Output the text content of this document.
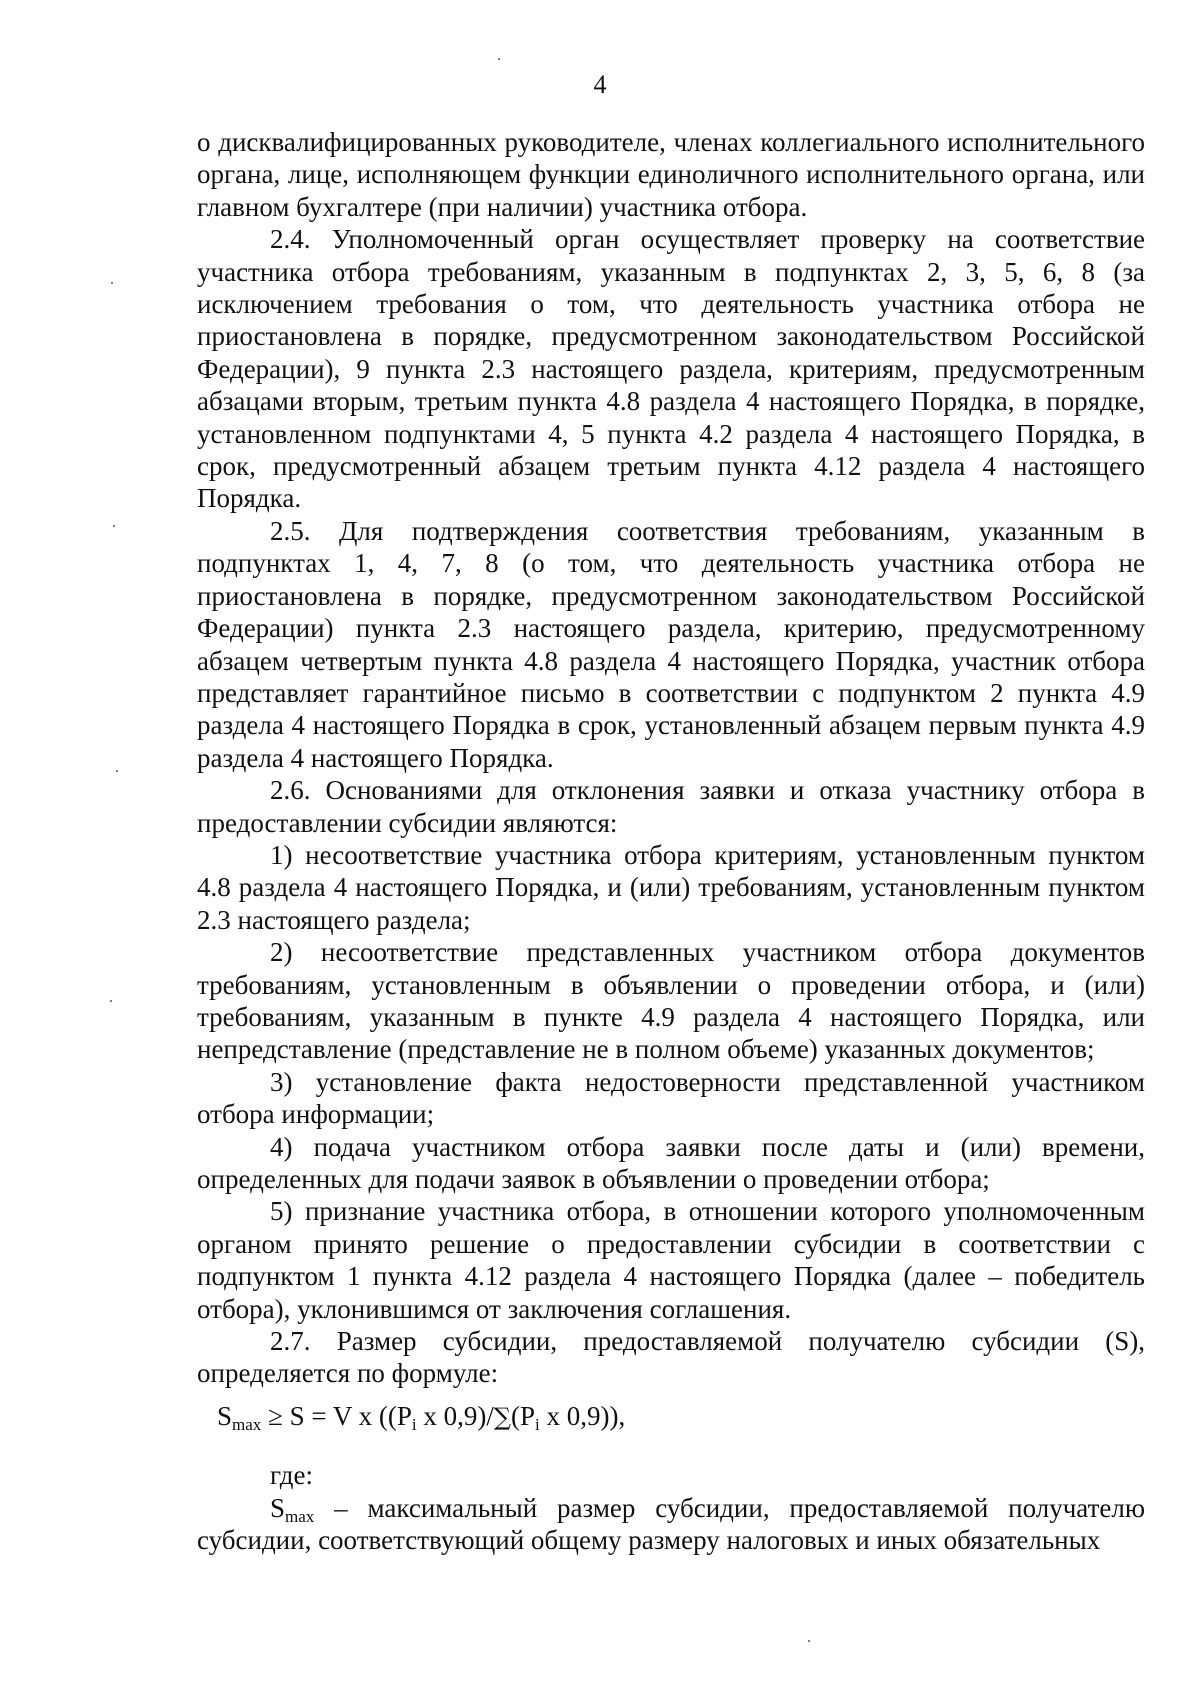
4

о дисквалифицированных руководителе, членах коллегиального исполнительного органа, лице, исполняющем функции единоличного исполнительного органа, или главном бухгалтере (при наличии) участника отбора.

2.4. Уполномоченный орган осуществляет проверку на соответствие участника отбора требованиям, указанным в подпунктах 2, 3, 5, 6, 8 (за исключением требования о том, что деятельность участника отбора не приостановлена в порядке, предусмотренном законодательством Российской Федерации), 9 пункта 2.3 настоящего раздела, критериям, предусмотренным абзацами вторым, третьим пункта 4.8 раздела 4 настоящего Порядка, в порядке, установленном подпунктами 4, 5 пункта 4.2 раздела 4 настоящего Порядка, в срок, предусмотренный абзацем третьим пункта 4.12 раздела 4 настоящего Порядка.

2.5. Для подтверждения соответствия требованиям, указанным в подпунктах 1, 4, 7, 8 (о том, что деятельность участника отбора не приостановлена в порядке, предусмотренном законодательством Российской Федерации) пункта 2.3 настоящего раздела, критерию, предусмотренному абзацем четвертым пункта 4.8 раздела 4 настоящего Порядка, участник отбора представляет гарантийное письмо в соответствии с подпунктом 2 пункта 4.9 раздела 4 настоящего Порядка в срок, установленный абзацем первым пункта 4.9 раздела 4 настоящего Порядка.

2.6. Основаниями для отклонения заявки и отказа участнику отбора в предоставлении субсидии являются:

1) несоответствие участника отбора критериям, установленным пунктом 4.8 раздела 4 настоящего Порядка, и (или) требованиям, установленным пунктом 2.3 настоящего раздела;

2) несоответствие представленных участником отбора документов требованиям, установленным в объявлении о проведении отбора, и (или) требованиям, указанным в пункте 4.9 раздела 4 настоящего Порядка, или непредставление (представление не в полном объеме) указанных документов;

3) установление факта недостоверности представленной участником отбора информации;

4) подача участником отбора заявки после даты и (или) времени, определенных для подачи заявок в объявлении о проведении отбора;

5) признание участника отбора, в отношении которого уполномоченным органом принято решение о предоставлении субсидии в соответствии с подпунктом 1 пункта 4.12 раздела 4 настоящего Порядка (далее – победитель отбора), уклонившимся от заключения соглашения.

2.7. Размер субсидии, предоставляемой получателю субсидии (S), определяется по формуле:

$S_{max} \ge S = V$ x (($P_i$ x $0,9)/\sum(P_i$ x 0,9)),

где:

$S_{max}$ – максимальный размер субсидии, предоставляемой получателю субсидии, соответствующий общему размеру налоговых и иных обязательных
